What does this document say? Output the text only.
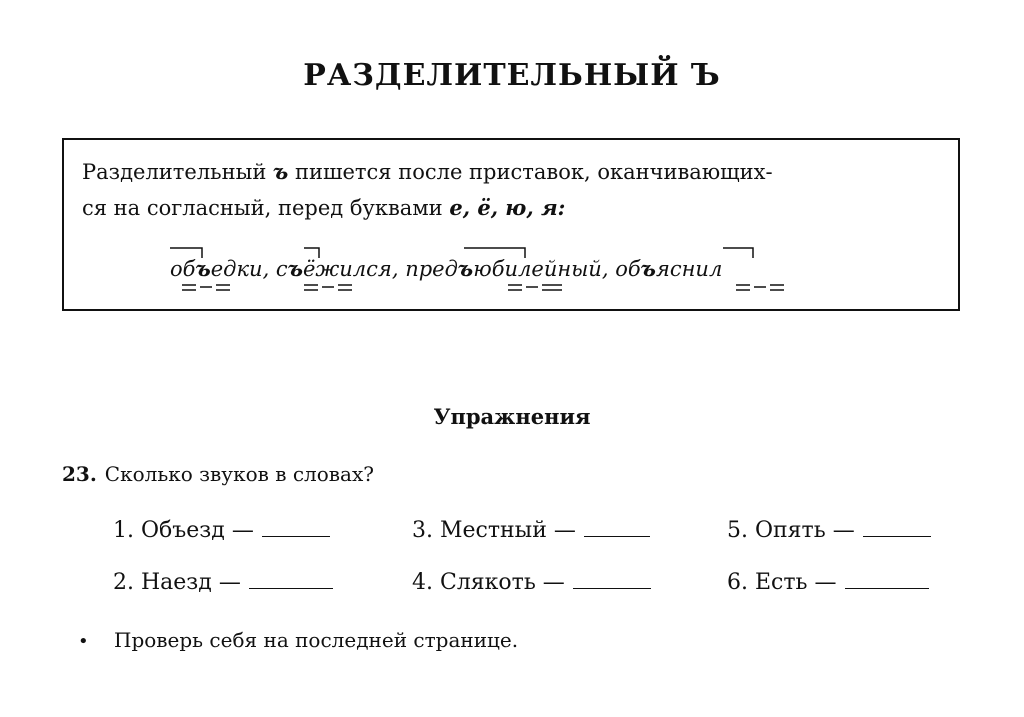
РАЗДЕЛИТЕЛЬНЫЙ Ъ
Разделительный ъ пишется после приставок, оканчивающих-
ся на согласный, перед буквами е, ё, ю, я:
объедки, съёжился, предъюбилейный, объяснил
Упражнения
23. Сколько звуков в словах?
1. Объезд —
2. Наезд —
3. Местный —
4. Слякоть —
5. Опять —
6. Есть —
• Проверь себя на последней странице.
